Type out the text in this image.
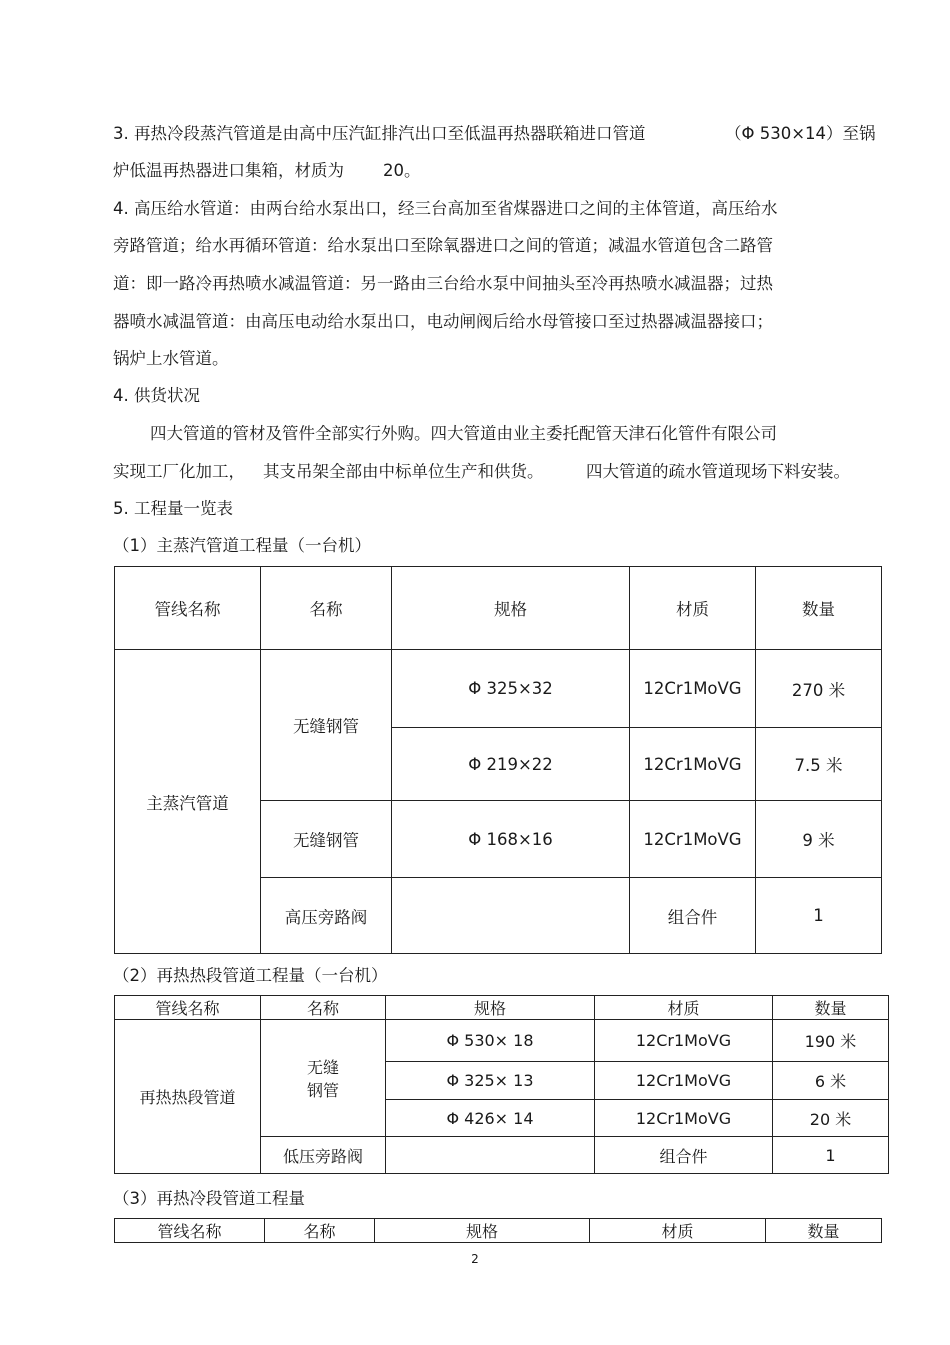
3. 再热冷段蒸汽管道是由高中压汽缸排汽出口至低温再热器联箱进口管道	（Φ 530×14）至锅
炉低温再热器进口集箱，材质为 20。
4. 高压给水管道：由两台给水泵出口，经三台高加至省煤器进口之间的主体管道，高压给水
旁路管道；给水再循环管道：给水泵出口至除氧器进口之间的管道；减温水管道包含二路管
道：即一路冷再热喷水减温管道：另一路由三台给水泵中间抽头至冷再热喷水减温器；过热
器喷水减温管道：由高压电动给水泵出口，电动闸阀后给水母管接口至过热器减温器接口；
锅炉上水管道。
4. 供货状况
四大管道的管材及管件全部实行外购。四大管道由业主委托配管天津石化管件有限公司
实现工厂化加工， 其支吊架全部由中标单位生产和供货。	四大管道的疏水管道现场下料安装。
5. 工程量一览表
（1）主蒸汽管道工程量（一台机）
管线名称	名称	规格	材质	数量
主蒸汽管道	无缝钢管	Φ 325×32	12Cr1MoVG	270 米
		Φ 219×22	12Cr1MoVG	7.5 米
	无缝钢管	Φ 168×16	12Cr1MoVG	9 米
	高压旁路阀		组合件	1
（2）再热热段管道工程量（一台机）
管线名称	名称	规格	材质	数量
再热热段管道	无缝
钢管	Φ 530× 18	12Cr1MoVG	190 米
		Φ 325× 13	12Cr1MoVG	6 米
		Φ 426× 14	12Cr1MoVG	20 米
	低压旁路阀		组合件	1
（3）再热冷段管道工程量
管线名称	名称	规格	材质	数量
2
